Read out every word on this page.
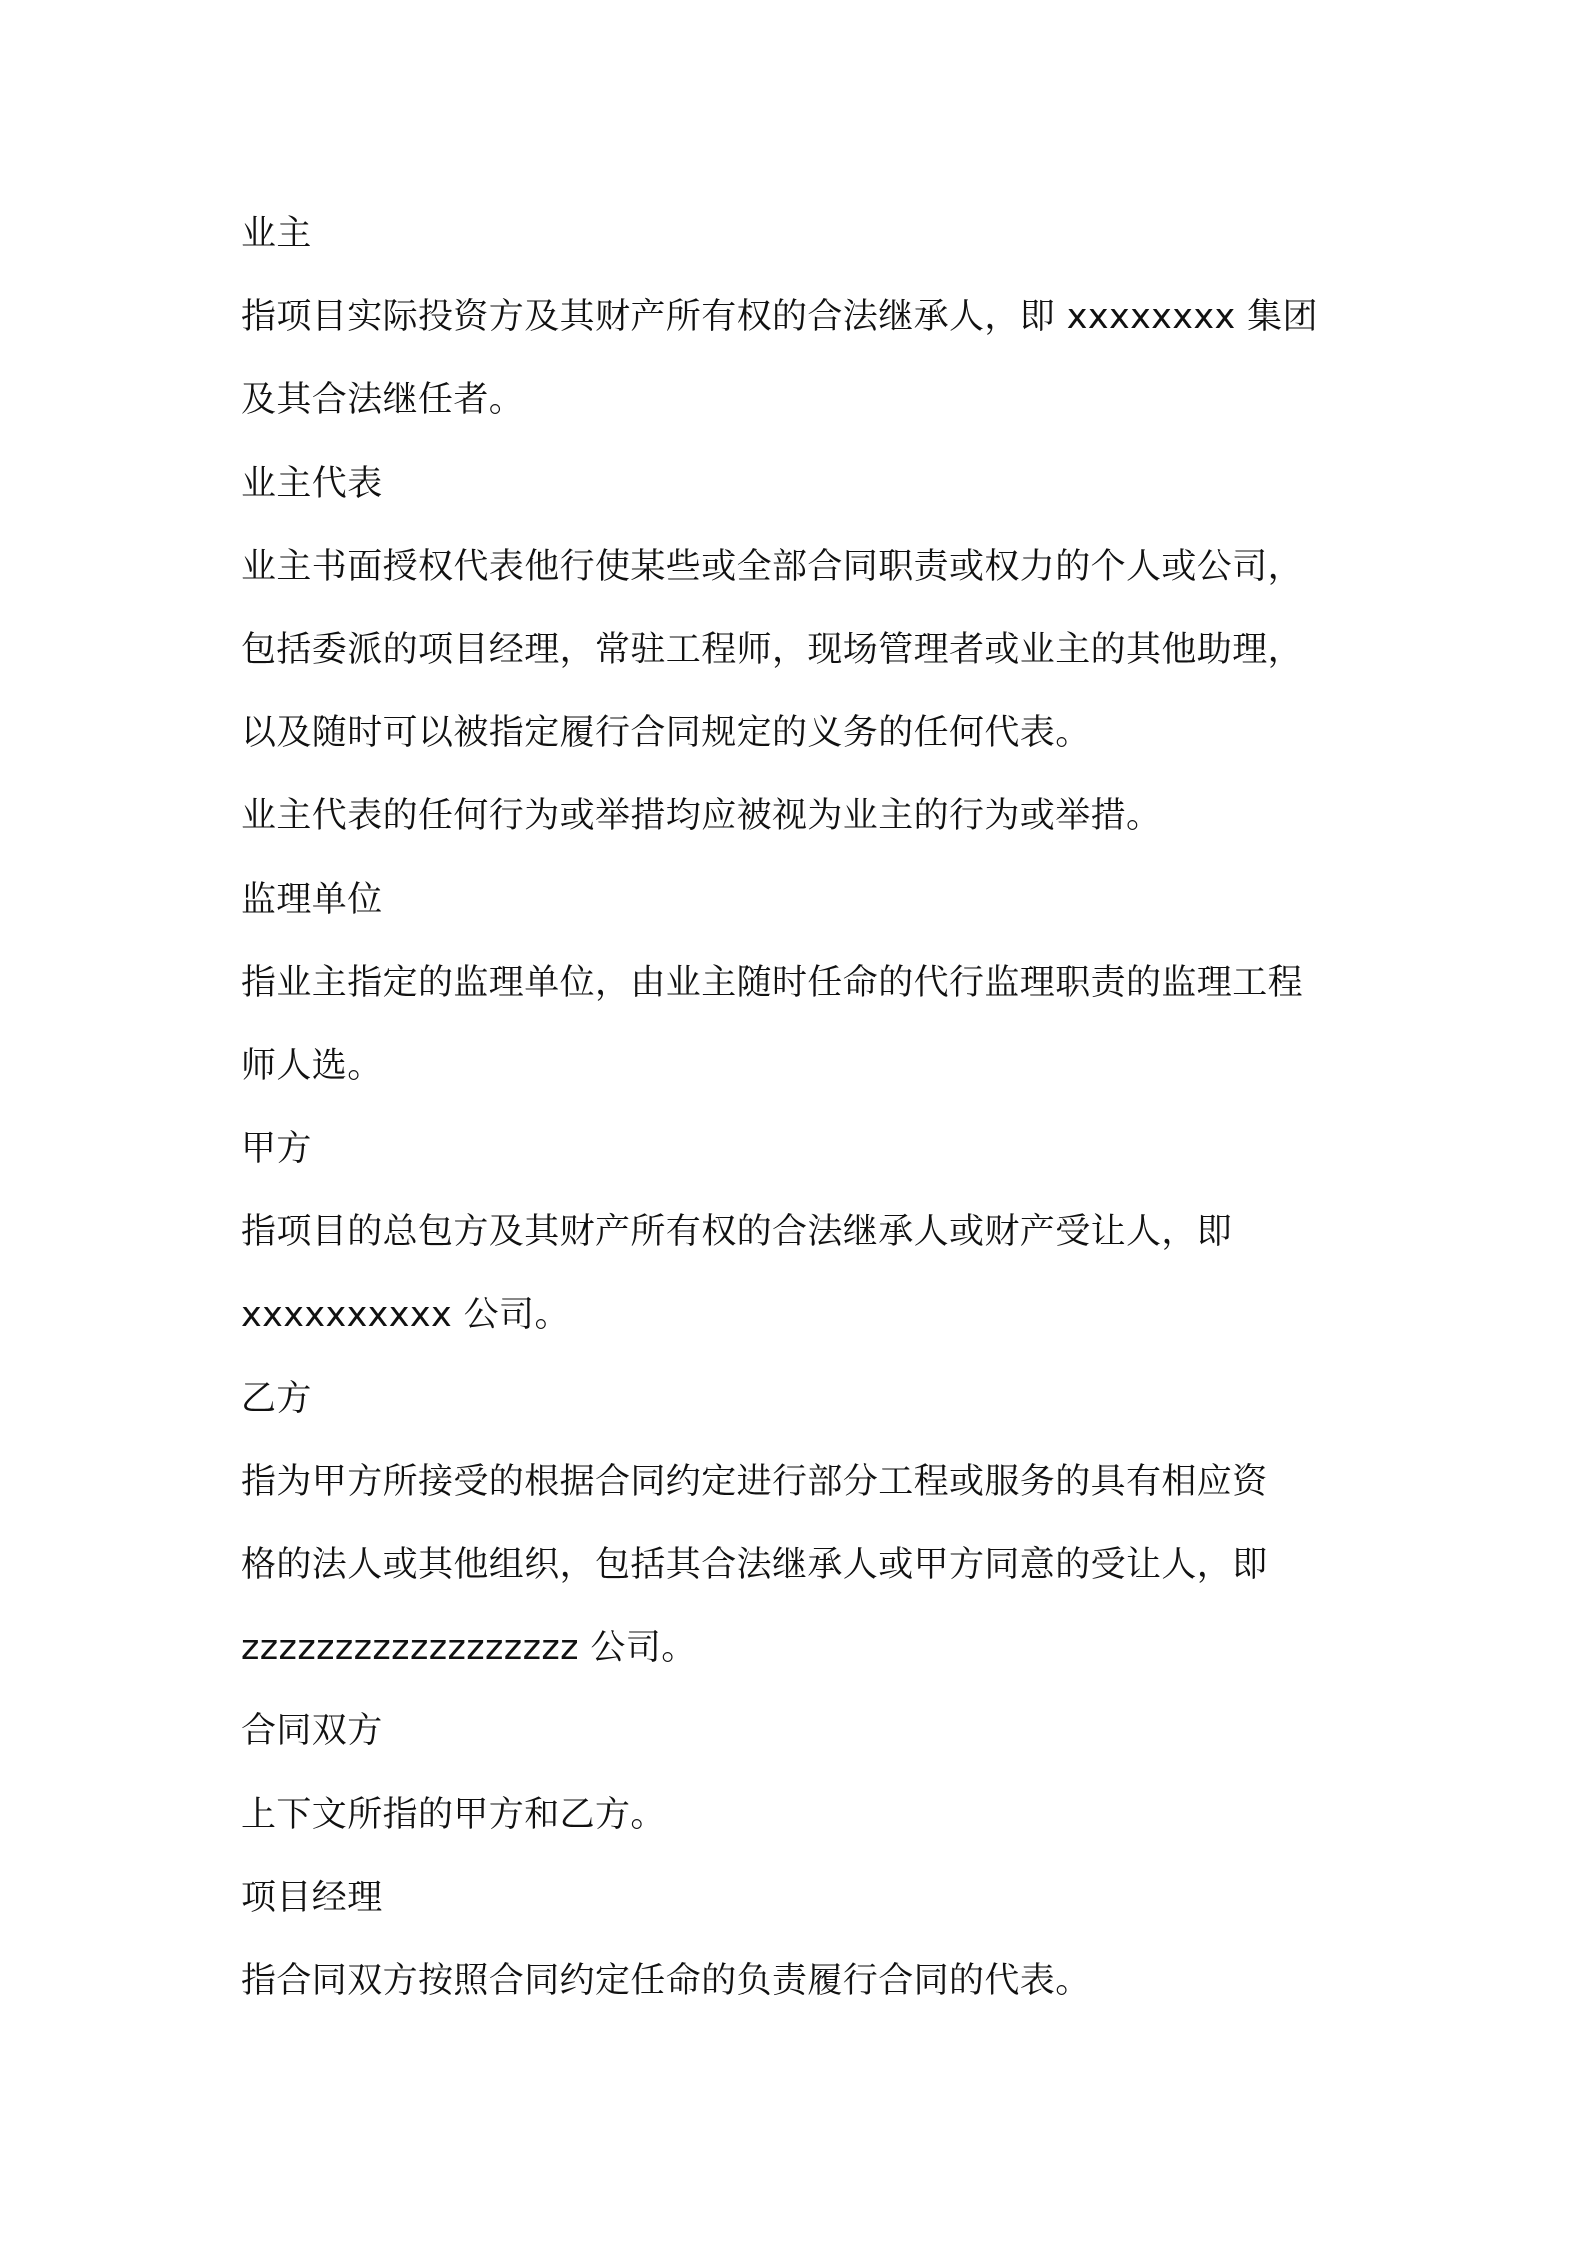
业主
指项目实际投资方及其财产所有权的合法继承人，即 xxxxxxxx 集团
及其合法继任者。
业主代表
业主书面授权代表他行使某些或全部合同职责或权力的个人或公司，
包括委派的项目经理，常驻工程师，现场管理者或业主的其他助理，
以及随时可以被指定履行合同规定的义务的任何代表。
业主代表的任何行为或举措均应被视为业主的行为或举措。
监理单位
指业主指定的监理单位，由业主随时任命的代行监理职责的监理工程
师人选。
甲方
指项目的总包方及其财产所有权的合法继承人或财产受让人，即
xxxxxxxxxx 公司。
乙方
指为甲方所接受的根据合同约定进行部分工程或服务的具有相应资
格的法人或其他组织，包括其合法继承人或甲方同意的受让人，即
zzzzzzzzzzzzzzzzzz 公司。
合同双方
上下文所指的甲方和乙方。
项目经理
指合同双方按照合同约定任命的负责履行合同的代表。
